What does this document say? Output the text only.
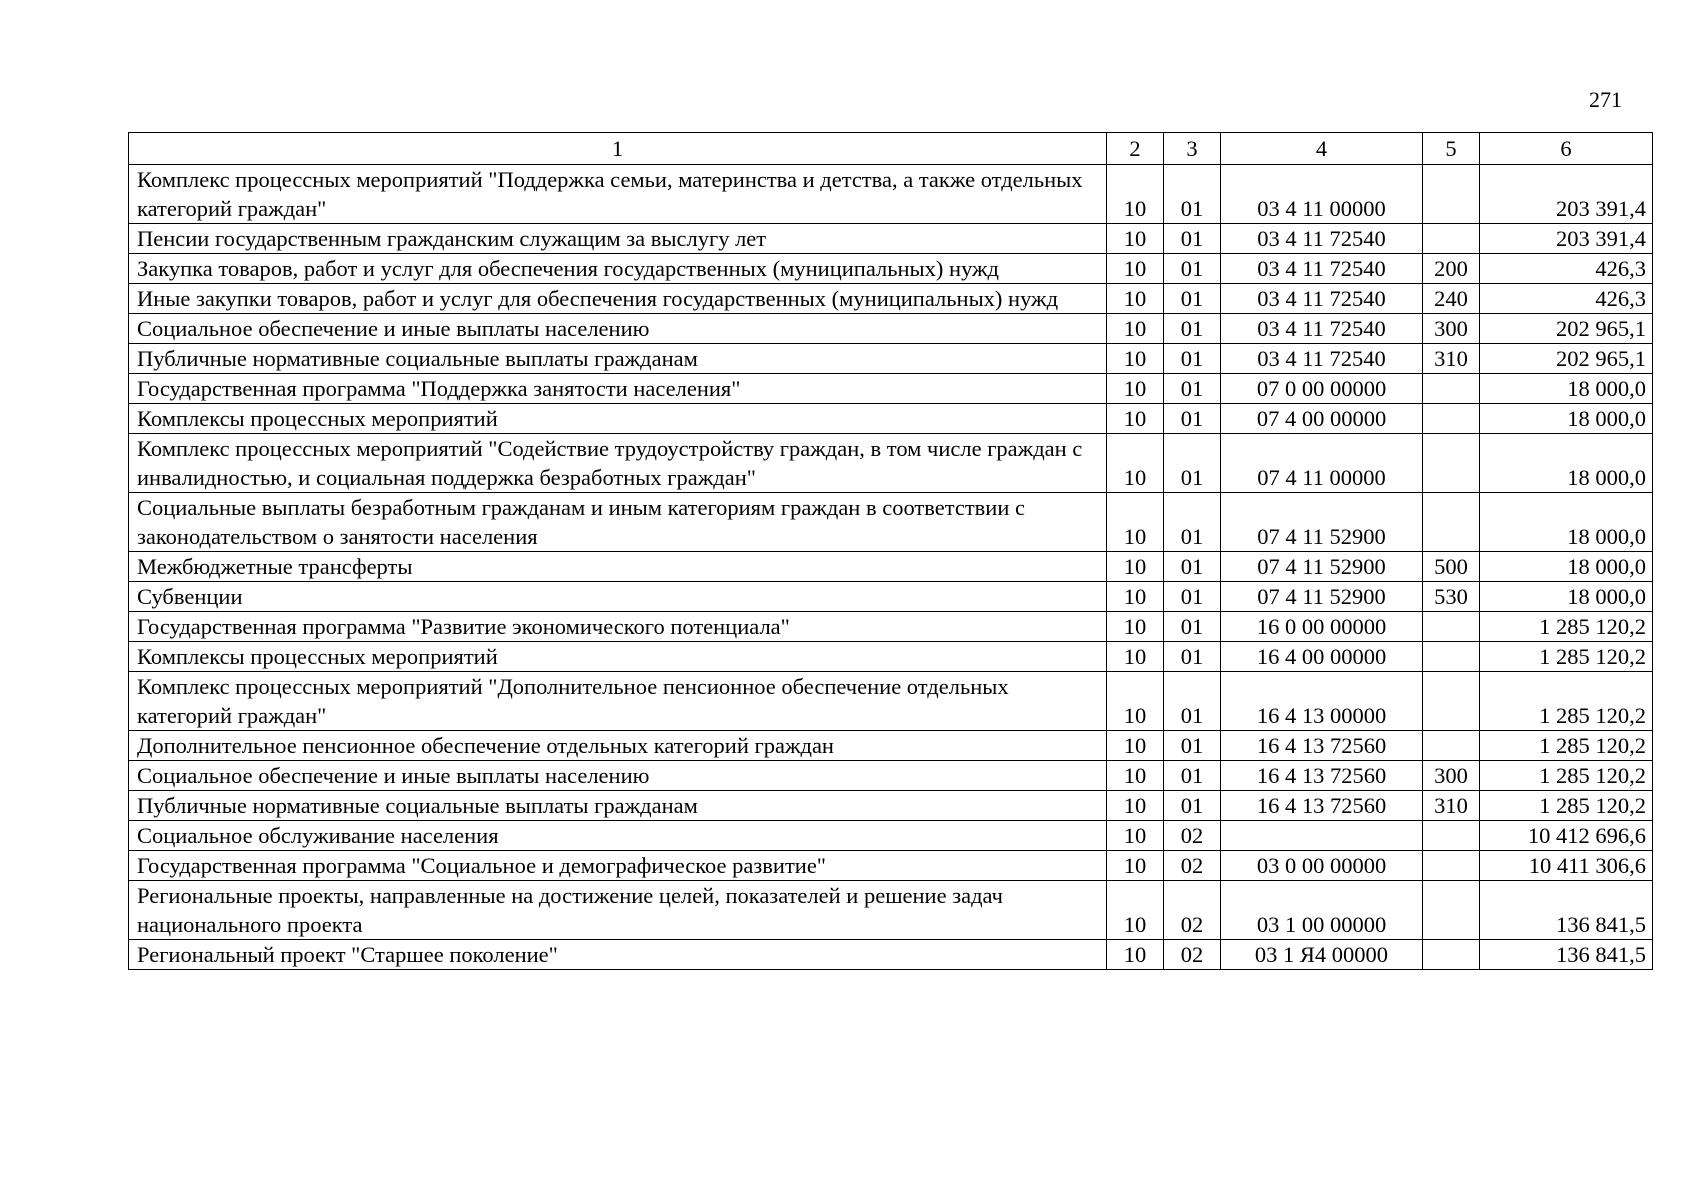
271
1	2	3	4	5	6
Комплекс процессных мероприятий "Поддержка семьи, материнства и детства, а также отдельных категорий граждан"	10	01	03 4 11 00000		203 391,4
Пенсии государственным гражданским служащим за выслугу лет	10	01	03 4 11 72540		203 391,4
Закупка товаров, работ и услуг для обеспечения государственных (муниципальных) нужд	10	01	03 4 11 72540	200	426,3
Иные закупки товаров, работ и услуг для обеспечения государственных (муниципальных) нужд	10	01	03 4 11 72540	240	426,3
Социальное обеспечение и иные выплаты населению	10	01	03 4 11 72540	300	202 965,1
Публичные нормативные социальные выплаты гражданам	10	01	03 4 11 72540	310	202 965,1
Государственная программа "Поддержка занятости населения"	10	01	07 0 00 00000		18 000,0
Комплексы процессных мероприятий	10	01	07 4 00 00000		18 000,0
Комплекс процессных мероприятий "Содействие трудоустройству граждан, в том числе граждан с инвалидностью, и социальная поддержка безработных граждан"	10	01	07 4 11 00000		18 000,0
Социальные выплаты безработным гражданам и иным категориям граждан в соответствии с законодательством о занятости населения	10	01	07 4 11 52900		18 000,0
Межбюджетные трансферты	10	01	07 4 11 52900	500	18 000,0
Субвенции	10	01	07 4 11 52900	530	18 000,0
Государственная программа "Развитие экономического потенциала"	10	01	16 0 00 00000		1 285 120,2
Комплексы процессных мероприятий	10	01	16 4 00 00000		1 285 120,2
Комплекс процессных мероприятий "Дополнительное пенсионное обеспечение отдельных категорий граждан"	10	01	16 4 13 00000		1 285 120,2
Дополнительное пенсионное обеспечение отдельных категорий граждан	10	01	16 4 13 72560		1 285 120,2
Социальное обеспечение и иные выплаты населению	10	01	16 4 13 72560	300	1 285 120,2
Публичные нормативные социальные выплаты гражданам	10	01	16 4 13 72560	310	1 285 120,2
Социальное обслуживание населения	10	02			10 412 696,6
Государственная программа "Социальное и демографическое развитие"	10	02	03 0 00 00000		10 411 306,6
Региональные проекты, направленные на достижение целей, показателей и решение задач национального проекта	10	02	03 1 00 00000		136 841,5
Региональный проект "Старшее поколение"	10	02	03 1 Я4 00000		136 841,5
